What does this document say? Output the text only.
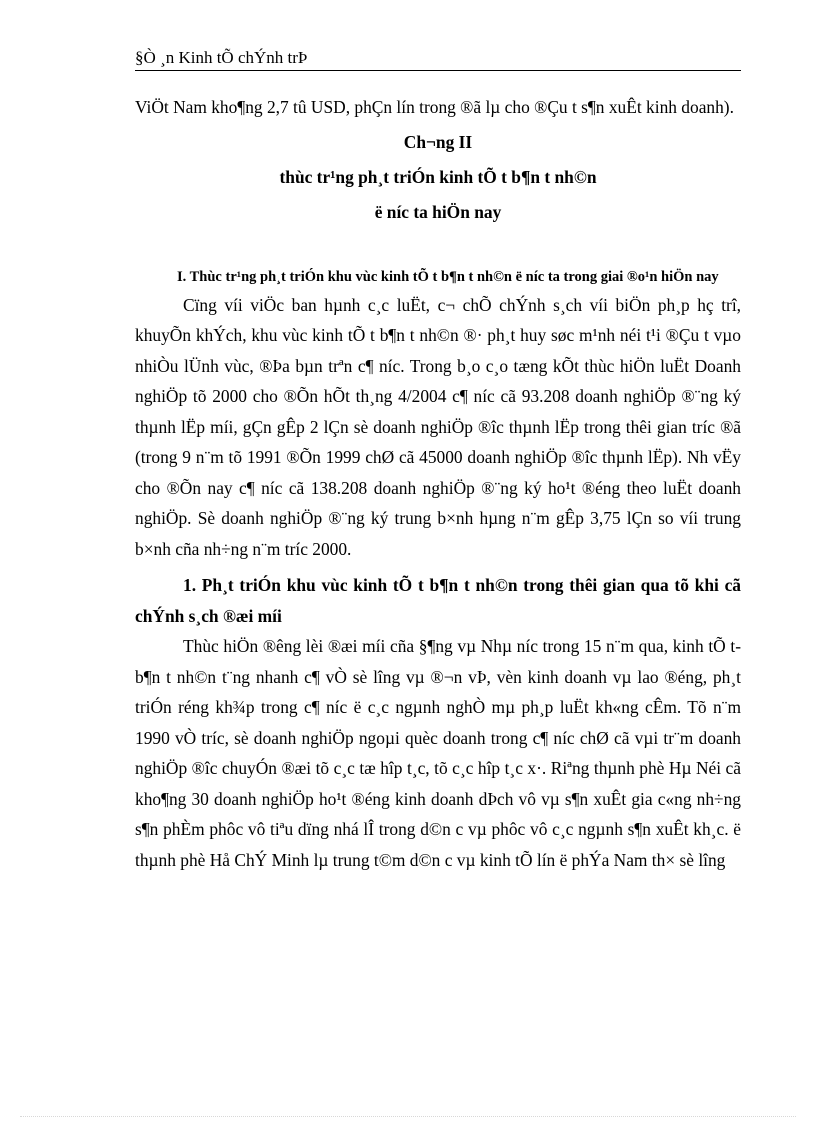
§Ò ¸n Kinh tÕ chÝnh trÞ

ViÖt Nam kho¶ng 2,7 tû USD, phÇn lín trong ®ã lµ cho ®Çu t s¶n xuÊt kinh doanh).

Ch¬ng II

thùc tr¹ng ph¸t triÓn kinh tÕ t b¶n t nh©n

ë níc ta hiÖn nay

I. Thùc tr¹ng ph¸t triÓn khu vùc kinh tÕ t b¶n t nh©n ë níc ta trong giai ®o¹n hiÖn nay

Cïng víi viÖc ban hµnh c¸c luËt, c¬ chÕ chÝnh s¸ch víi biÖn ph¸p hç trî, khuyÕn khÝch, khu vùc kinh tÕ t b¶n t nh©n ®· ph¸t huy søc m¹nh néi t¹i ®Çu t vµo nhiÒu lÜnh vùc, ®Þa bµn trªn c¶ níc. Trong b¸o c¸o tæng kÕt thùc hiÖn luËt Doanh nghiÖp tõ 2000 cho ®Õn hÕt th¸ng 4/2004 c¶ níc cã 93.208 doanh nghiÖp ®¨ng ký thµnh lËp míi, gÇn gÊp 2 lÇn sè doanh nghiÖp ®îc thµnh lËp trong thêi gian tríc ®ã (trong 9 n¨m tõ 1991 ®Õn 1999 chØ cã 45000 doanh nghiÖp ®îc thµnh lËp). Nh vËy cho ®Õn nay c¶ níc cã 138.208 doanh nghiÖp ®¨ng ký ho¹t ®éng theo luËt doanh nghiÖp. Sè doanh nghiÖp ®¨ng ký trung b×nh hµng n¨m gÊp 3,75 lÇn so víi trung b×nh cña nh÷ng n¨m tríc 2000.

1. Ph¸t triÓn khu vùc kinh tÕ t b¶n t nh©n trong thêi gian qua tõ khi cã chÝnh s¸ch ®æi míi

Thùc hiÖn ®êng lèi ®æi míi cña §¶ng vµ Nhµ níc trong 15 n¨m qua, kinh tÕ t b¶n t nh©n t¨ng nhanh c¶ vÒ sè lîng vµ ®¬n vÞ, vèn kinh doanh vµ lao ®éng, ph¸t triÓn réng kh¾p trong c¶ níc ë c¸c ngµnh nghÒ mµ ph¸p luËt kh«ng cÊm. Tõ n¨m 1990 vÒ tríc, sè doanh nghiÖp ngoµi quèc doanh trong c¶ níc chØ cã vµi tr¨m doanh nghiÖp ®îc chuyÓn ®æi tõ c¸c tæ hîp t¸c, tõ c¸c hîp t¸c x·. Riªng thµnh phè Hµ Néi cã kho¶ng 30 doanh nghiÖp ho¹t ®éng kinh doanh dÞch vô vµ s¶n xuÊt gia c«ng nh÷ng s¶n phÈm phôc vô tiªu dïng nhá lÎ trong d©n c vµ phôc vô c¸c ngµnh s¶n xuÊt kh¸c. ë thµnh phè Hå ChÝ Minh lµ trung t©m d©n c vµ kinh tÕ lín ë phÝa Nam th× sè lîng
